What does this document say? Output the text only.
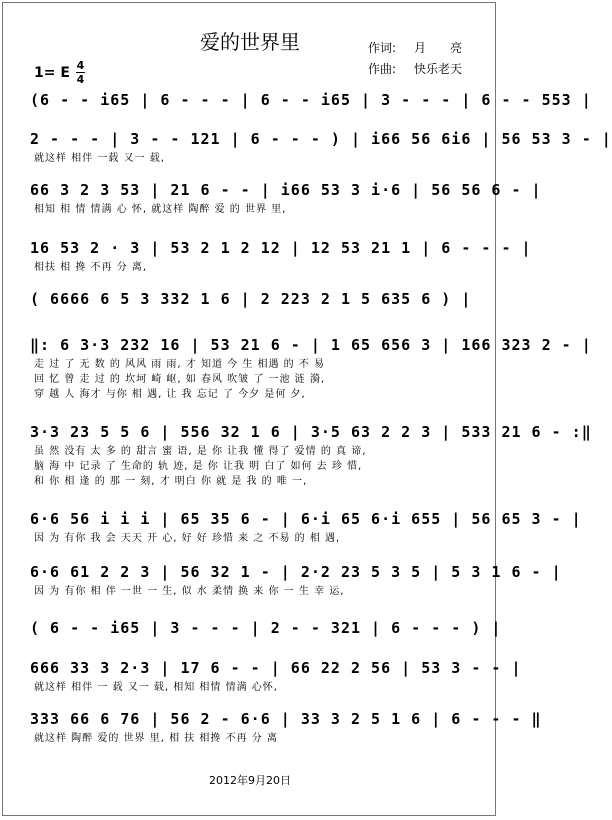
爱的世界里	作词: 月　　亮
作曲: 快乐老天
1= E 4
4
(6 - - i65 | 6 - - - | 6 - - i65 | 3 - - - | 6 - - 553 |
2 - - - | 3 - - 121 | 6 - - - ) | i66 56 6i6 | 56 53 3 - |
就这样 相伴 一载 又一 载,
66 3 2 3 53 | 21 6 - - | i66 53 3 i·6 | 56 56 6 - |
相知 相 情 情满 心 怀, 就这样 陶醉 爱 的 世界 里,
16 53 2 · 3 | 53 2 1 2 12 | 12 53 21 1 | 6 - - - |
相扶 相 搀 不再 分 离,
( 6666 6 5 3 332 1 6 | 2 223 2 1 5 635 6 ) |
‖: 6 3·3 232 16 | 53 21 6 - | 1 65 656 3 | 166 323 2 - |
走 过 了 无 数 的 风风 雨 雨, 才 知道 今 生 相遇 的 不 易
回 忆 曾 走 过 的 坎坷 崎 岖, 如 春风 吹皱 了 一池 涟 漪,
穿 越 人 海才 与你 相 遇, 让 我 忘记 了 今夕 是何 夕,
3·3 23 5 5 6 | 556 32 1 6 | 3·5 63 2 2 3 | 533 21 6 - :‖
虽 然 没有 太 多 的 甜言 蜜 语, 是 你 让我 懂 得了 爱情 的 真 谛,
脑 海 中 记录 了 生命的 轨 迹, 是 你 让我 明 白了 如何 去 珍 惜,
和 你 相 逢 的 那 一 刻, 才 明白 你 就 是 我 的 唯 一,
6·6 56 i i i | 65 35 6 - | 6·i 65 6·i 655 | 56 65 3 - |
因 为 有你 我 会 天天 开 心, 好 好 珍惜 来 之 不易 的 相 遇,
6·6 61 2 2 3 | 56 32 1 - | 2·2 23 5 3 5 | 5 3 1 6 - |
因 为 有你 相 伴 一世 一 生, 似 水 柔情 换 来 你 一 生 幸 运,
( 6 - - i65 | 3 - - - | 2 - - 321 | 6 - - - ) |
666 33 3 2·3 | 17 6 - - | 66 22 2 56 | 53 3 - - |
就这样 相伴 一 载 又一 载, 相知 相情 情满 心怀,
333 66 6 76 | 56 2 - 6·6 | 33 3 2 5 1 6 | 6 - - - ‖
就这样 陶醉 爱的 世界 里, 相 扶 相搀 不再 分 离
2012年9月20日
